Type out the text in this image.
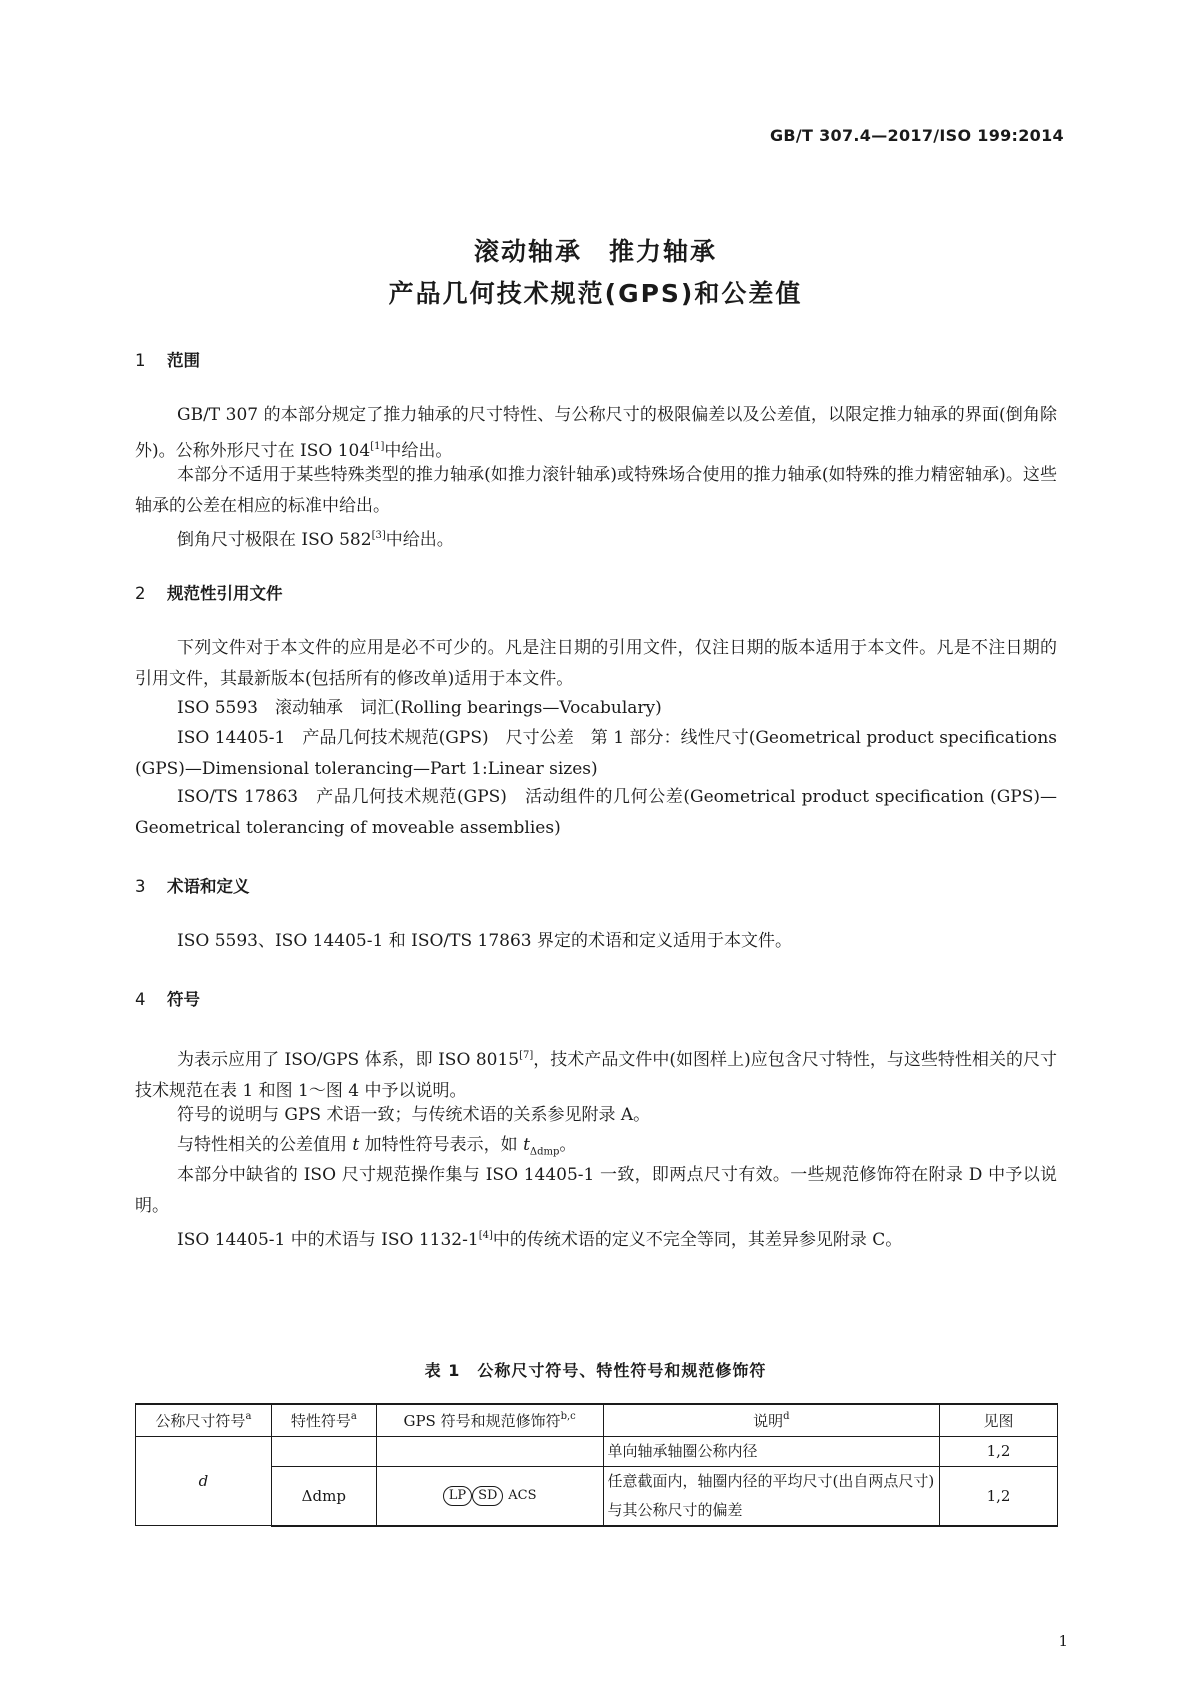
GB/T 307.4—2017/ISO 199:2014
滚动轴承　推力轴承
产品几何技术规范(GPS)和公差值
1 范围
GB/T 307 的本部分规定了推力轴承的尺寸特性、与公称尺寸的极限偏差以及公差值，以限定推力轴承的界面(倒角除外)。公称外形尺寸在 ISO 104[1]中给出。
本部分不适用于某些特殊类型的推力轴承(如推力滚针轴承)或特殊场合使用的推力轴承(如特殊的推力精密轴承)。这些轴承的公差在相应的标准中给出。
倒角尺寸极限在 ISO 582[3]中给出。
2 规范性引用文件
下列文件对于本文件的应用是必不可少的。凡是注日期的引用文件，仅注日期的版本适用于本文件。凡是不注日期的引用文件，其最新版本(包括所有的修改单)适用于本文件。
ISO 5593　滚动轴承　词汇(Rolling bearings—Vocabulary)
ISO 14405-1　产品几何技术规范(GPS)　尺寸公差　第 1 部分：线性尺寸(Geometrical product specifications (GPS)—Dimensional tolerancing—Part 1:Linear sizes)
ISO/TS 17863　产品几何技术规范(GPS)　活动组件的几何公差(Geometrical product specification (GPS)—Geometrical tolerancing of moveable assemblies)
3 术语和定义
ISO 5593、ISO 14405-1 和 ISO/TS 17863 界定的术语和定义适用于本文件。
4 符号
为表示应用了 ISO/GPS 体系，即 ISO 8015[7]，技术产品文件中(如图样上)应包含尺寸特性，与这些特性相关的尺寸技术规范在表 1 和图 1～图 4 中予以说明。
符号的说明与 GPS 术语一致；与传统术语的关系参见附录 A。
与特性相关的公差值用 t 加特性符号表示，如 $t_{\Delta dmp}$。
本部分中缺省的 ISO 尺寸规范操作集与 ISO 14405-1 一致，即两点尺寸有效。一些规范修饰符在附录 D 中予以说明。
ISO 14405-1 中的术语与 ISO 1132-1[4]中的传统术语的定义不完全等同，其差异参见附录 C。
表 1　公称尺寸符号、特性符号和规范修饰符
公称尺寸符号$^a$	特性符号$^a$	GPS 符号和规范修饰符$^{b,c}$	说明$^d$	见图
d			单向轴承轴圈公称内径	1,2
	Δdmp	LP SD ACS	任意截面内，轴圈内径的平均尺寸(出自两点尺寸)与其公称尺寸的偏差	1,2
1
